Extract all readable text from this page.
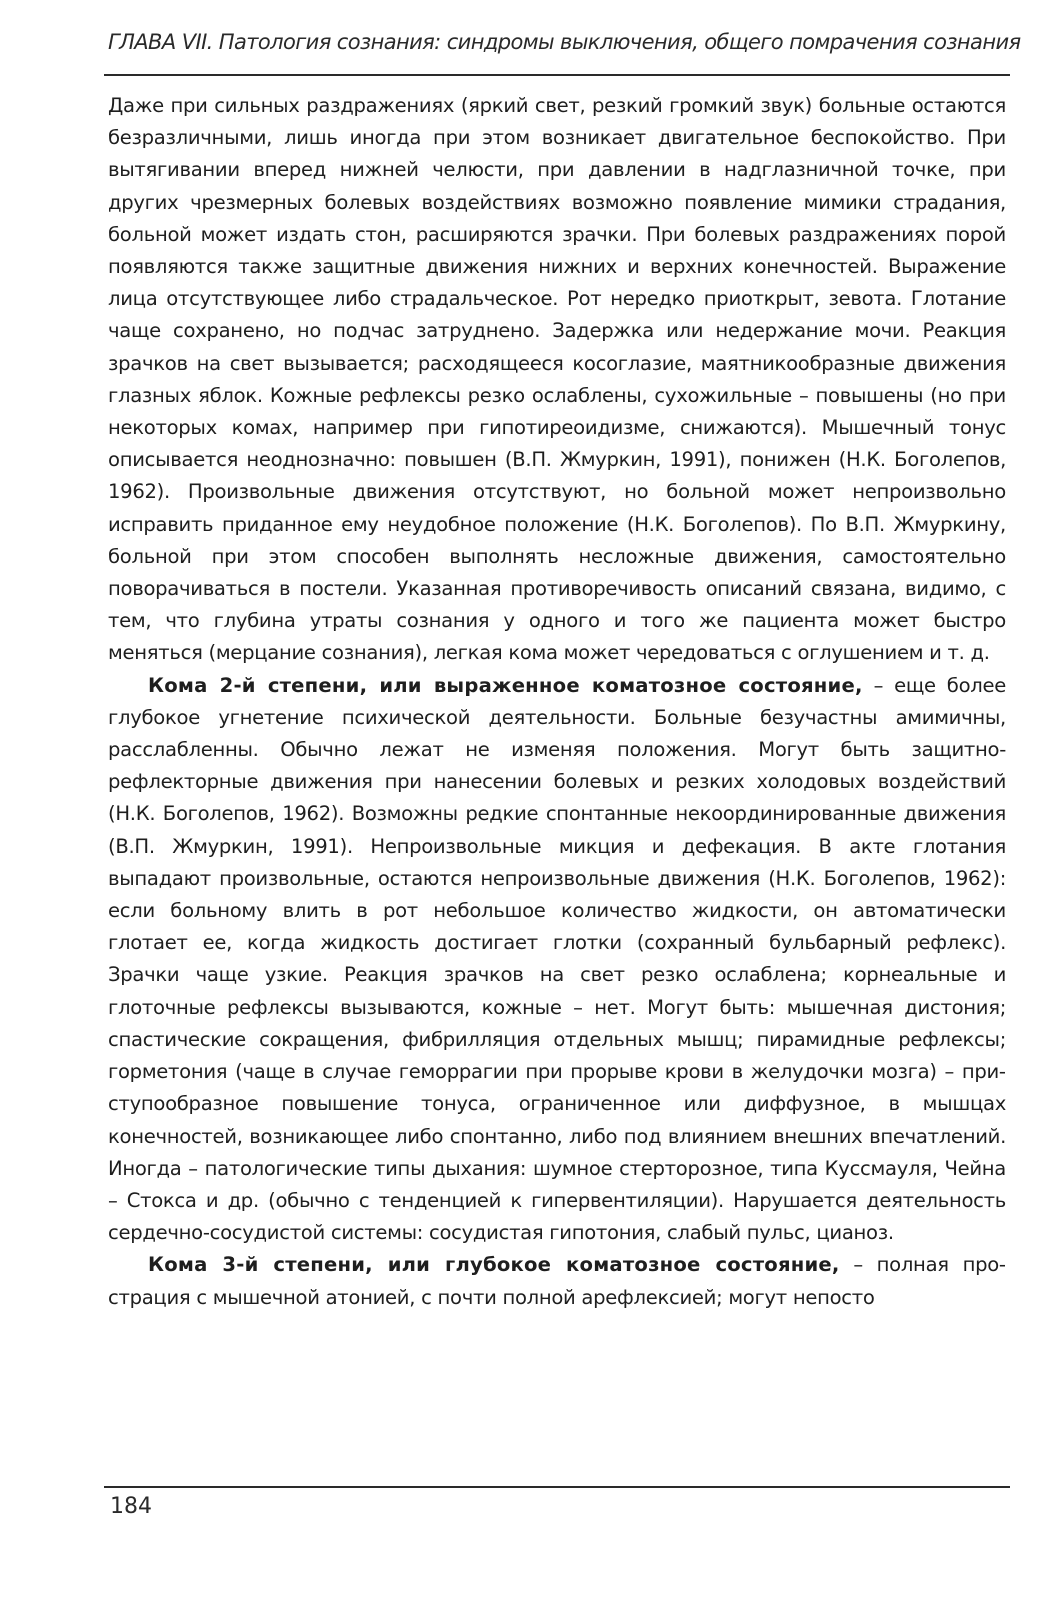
ГЛАВА VII. Патология сознания: синдромы выключения, общего помрачения сознания

Даже при сильных раздражениях (яркий свет, резкий громкий звук) больные остаются безразличными, лишь иногда при этом возникает двигательное беспокойство. При вытягивании вперед нижней челюсти, при давлении в надглазничной точке, при других чрезмерных болевых воздействиях возможно появление мимики страдания, больной может издать стон, расширяются зрачки. При болевых раздражениях порой появляются также защитные движения нижних и верхних конечностей. Выражение лица отсутствующее либо страдальческое. Рот нередко приоткрыт, зевота. Глотание чаще сохранено, но подчас затруднено. Задержка или недержание мочи. Реакция зрачков на свет вызывается; расходящееся косоглазие, маятникообразные движения глазных яблок. Кожные рефлексы резко ослаблены, сухожильные – повышены (но при некоторых комах, например при гипотиреоидизме, снижаются). Мышечный тонус описывается неоднозначно: повышен (В.П. Жмуркин, 1991), понижен (Н.К. Боголепов, 1962). Произвольные движения отсутствуют, но больной может непроизвольно исправить приданное ему неудобное положение (Н.К. Боголепов). По В.П. Жмуркину, больной при этом способен выполнять несложные движения, самостоятельно поворачиваться в постели. Указанная противоречивость описаний связана, видимо, с тем, что глубина утраты сознания у одного и того же пациента может быстро меняться (мерцание сознания), легкая кома может чередоваться с оглушением и т. д.

Кома 2-й степени, или выраженное коматозное состояние, – еще более глубокое угнетение психической деятельности. Больные безучастны амимичны, расслабленны. Обычно лежат не изменяя положения. Могут быть защитно-рефлекторные движения при нанесении болевых и резких холодовых воздействий (Н.К. Боголепов, 1962). Возможны редкие спонтанные некоординированные движения (В.П. Жмуркин, 1991). Непроизвольные микция и дефекация. В акте глотания выпадают произвольные, остаются непроизвольные движения (Н.К. Боголепов, 1962): если больному влить в рот небольшое количество жидкости, он автоматически глотает ее, когда жидкость достигает глотки (сохранный бульбарный рефлекс). Зрачки чаще узкие. Реакция зрачков на свет резко ослаблена; корнеальные и глоточные рефлексы вызываются, кожные – нет. Могут быть: мышечная дистония; спастические сокращения, фибрилляция отдельных мышц; пирамидные рефлексы; горметония (чаще в случае геморрагии при прорыве крови в желудочки мозга) – приступообразное повышение тонуса, ограниченное или диффузное, в мышцах конечностей, возникающее либо спонтанно, либо под влиянием внешних впечатлений. Иногда – патологические типы дыхания: шумное стерторозное, типа Куссмауля, Чейна – Стокса и др. (обычно с тенденцией к гипервентиляции). Нарушается деятельность сердечно-сосудистой системы: сосудистая гипотония, слабый пульс, цианоз.

Кома 3-й степени, или глубокое коматозное состояние, – полная прострация с мышечной атонией, с почти полной арефлексией; могут непосто

184
